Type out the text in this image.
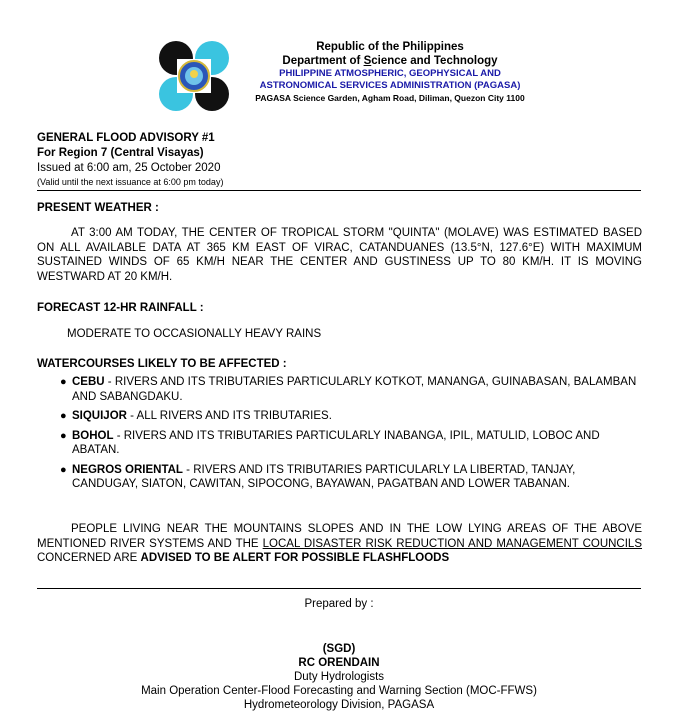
Republic of the Philippines
Department of Science and Technology
PHILIPPINE ATMOSPHERIC, GEOPHYSICAL AND
ASTRONOMICAL SERVICES ADMINISTRATION (PAGASA)
PAGASA Science Garden, Agham Road, Diliman, Quezon City 1100
GENERAL FLOOD ADVISORY #1
For Region 7 (Central Visayas)
Issued at 6:00 am, 25 October 2020
(Valid until the next issuance at 6:00 pm today)
PRESENT WEATHER :
AT 3:00 AM TODAY, THE CENTER OF TROPICAL STORM "QUINTA" (MOLAVE) WAS ESTIMATED BASED ON ALL AVAILABLE DATA AT 365 KM EAST OF VIRAC, CATANDUANES (13.5°N, 127.6°E) WITH MAXIMUM SUSTAINED WINDS OF 65 KM/H NEAR THE CENTER AND GUSTINESS UP TO 80 KM/H. IT IS MOVING WESTWARD AT 20 KM/H.
FORECAST 12-HR RAINFALL :
MODERATE TO OCCASIONALLY HEAVY RAINS
WATERCOURSES LIKELY TO BE AFFECTED :
● CEBU - RIVERS AND ITS TRIBUTARIES PARTICULARLY KOTKOT, MANANGA, GUINABASAN, BALAMBAN AND SABANGDAKU.
● SIQUIJOR - ALL RIVERS AND ITS TRIBUTARIES.
● BOHOL - RIVERS AND ITS TRIBUTARIES PARTICULARLY INABANGA, IPIL, MATULID, LOBOC AND ABATAN.
● NEGROS ORIENTAL - RIVERS AND ITS TRIBUTARIES PARTICULARLY LA LIBERTAD, TANJAY, CANDUGAY, SIATON, CAWITAN, SIPOCONG, BAYAWAN, PAGATBAN AND LOWER TABANAN.
PEOPLE LIVING NEAR THE MOUNTAINS SLOPES AND IN THE LOW LYING AREAS OF THE ABOVE MENTIONED RIVER SYSTEMS AND THE LOCAL DISASTER RISK REDUCTION AND MANAGEMENT COUNCILS CONCERNED ARE ADVISED TO BE ALERT FOR POSSIBLE FLASHFLOODS
Prepared by :
(SGD)
RC ORENDAIN
Duty Hydrologists
Main Operation Center-Flood Forecasting and Warning Section (MOC-FFWS)
Hydrometeorology Division, PAGASA
